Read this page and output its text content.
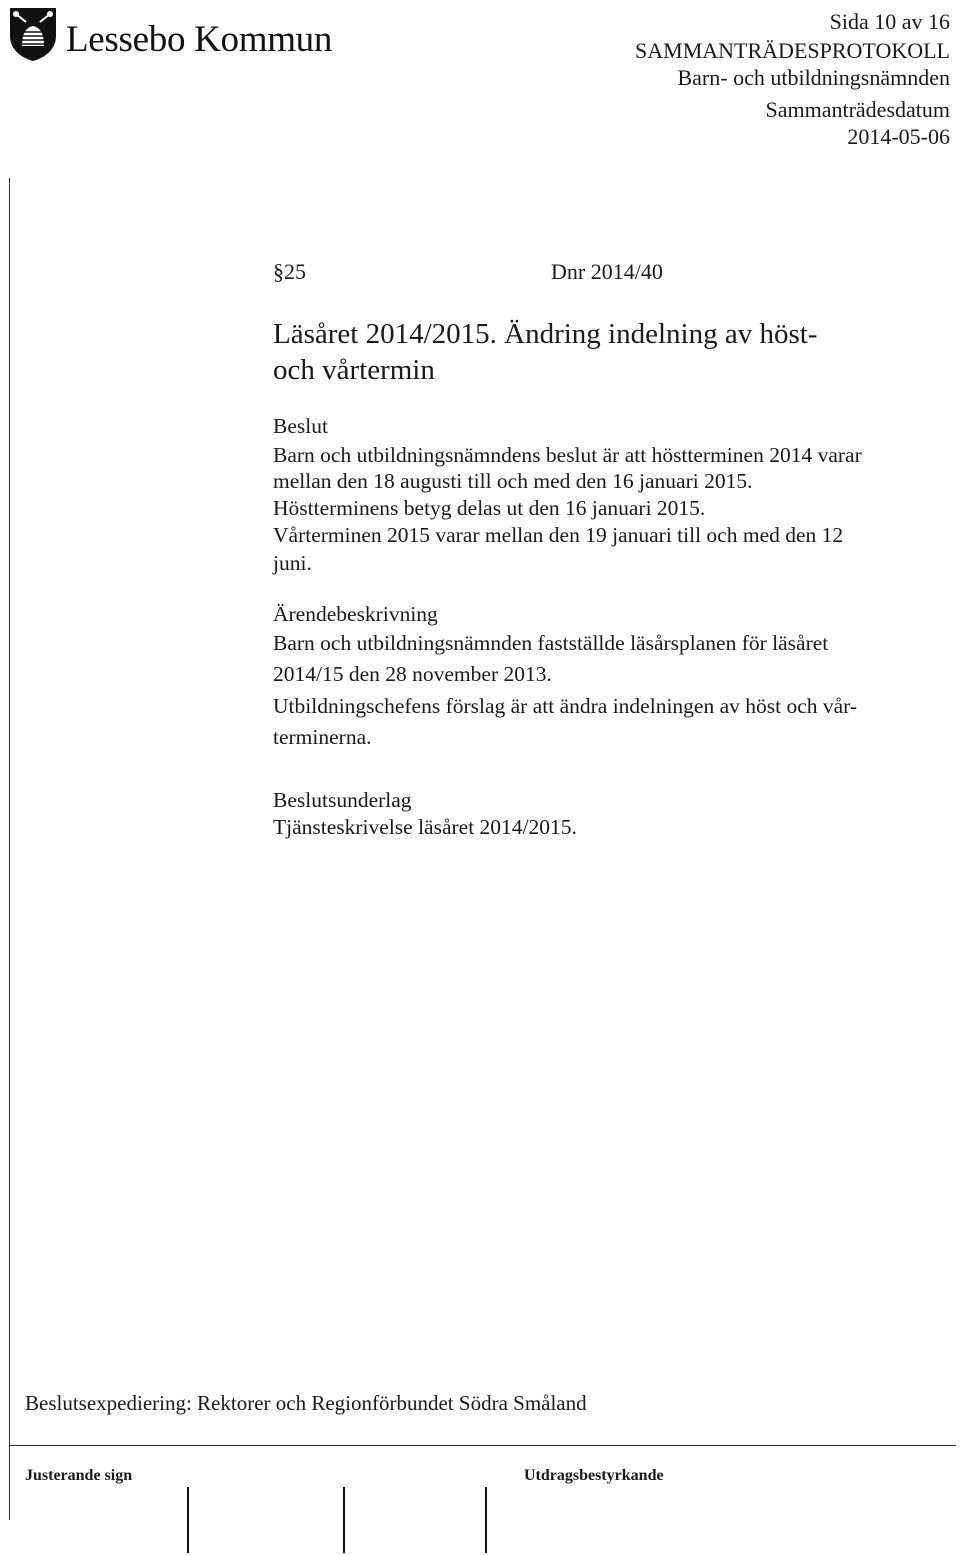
Lessebo Kommun	Sida 10 av 16
SAMMANTRÄDESPROTOKOLL
Barn- och utbildningsnämnden
Sammanträdesdatum
2014-05-06
§25	Dnr 2014/40
Läsåret 2014/2015. Ändring indelning av höst-
och vårtermin
Beslut
Barn och utbildningsnämndens beslut är att höstterminen 2014 varar
mellan den 18 augusti till och med den 16 januari 2015.
Höstterminens betyg delas ut den 16 januari 2015.
Vårterminen 2015 varar mellan den 19 januari till och med den 12
juni.
Ärendebeskrivning
Barn och utbildningsnämnden fastställde läsårsplanen för läsåret
2014/15 den 28 november 2013.
Utbildningschefens förslag är att ändra indelningen av höst och vår-
terminerna.
Beslutsunderlag
Tjänsteskrivelse läsåret 2014/2015.
Beslutsexpediering: Rektorer och Regionförbundet Södra Småland
Justerande sign	Utdragsbestyrkande
